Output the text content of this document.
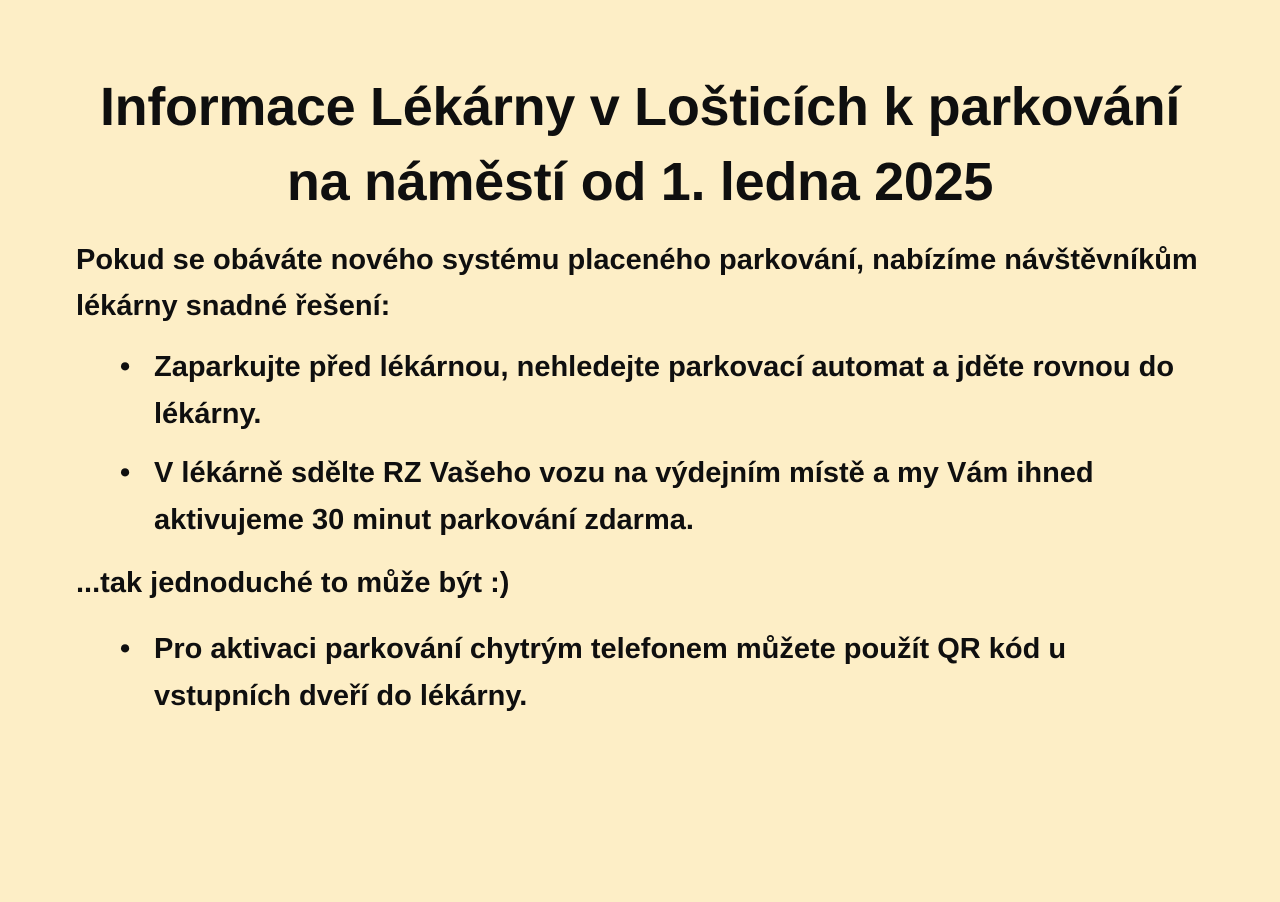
Informace Lékárny v Lošticích k parkování na náměstí od 1. ledna 2025

Pokud se obáváte nového systému placeného parkování, nabízíme návštěvníkům lékárny snadné řešení:

• Zaparkujte před lékárnou, nehledejte parkovací automat a jděte rovnou do lékárny.
• V lékárně sdělte RZ Vašeho vozu na výdejním místě a my Vám ihned aktivujeme 30 minut parkování zdarma.

...tak jednoduché to může být :)

• Pro aktivaci parkování chytrým telefonem můžete použít QR kód u vstupních dveří do lékárny.
